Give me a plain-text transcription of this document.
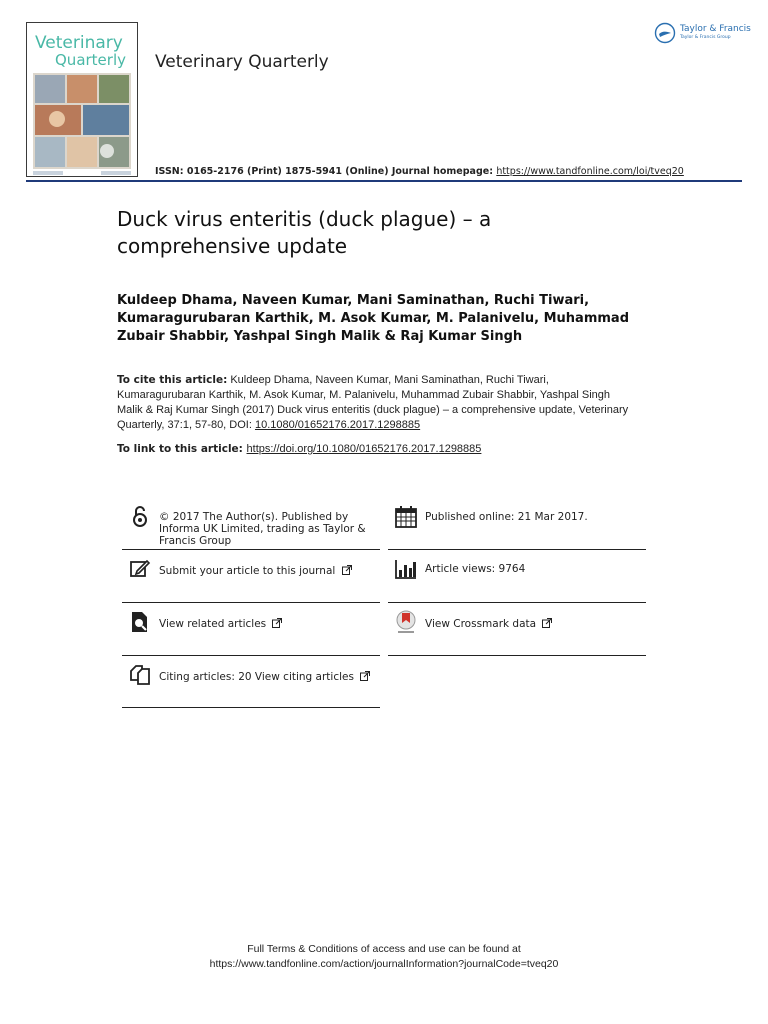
Veterinary
Quarterly Veterinary Quarterly
ISSN: 0165-2176 (Print) 1875-5941 (Online) Journal homepage: https://www.tandfonline.com/loi/tveq20
Taylor & Francis
Taylor & Francis Group
Duck virus enteritis (duck plague) – a comprehensive update
Kuldeep Dhama, Naveen Kumar, Mani Saminathan, Ruchi Tiwari, Kumaragurubaran Karthik, M. Asok Kumar, M. Palanivelu, Muhammad Zubair Shabbir, Yashpal Singh Malik & Raj Kumar Singh
To cite this article: Kuldeep Dhama, Naveen Kumar, Mani Saminathan, Ruchi Tiwari, Kumaragurubaran Karthik, M. Asok Kumar, M. Palanivelu, Muhammad Zubair Shabbir, Yashpal Singh Malik & Raj Kumar Singh (2017) Duck virus enteritis (duck plague) – a comprehensive update, Veterinary Quarterly, 37:1, 57-80, DOI: 10.1080/01652176.2017.1298885
To link to this article: https://doi.org/10.1080/01652176.2017.1298885
© 2017 The Author(s). Published by Informa UK Limited, trading as Taylor & Francis Group
Submit your article to this journal
View related articles
Citing articles: 20 View citing articles
Published online: 21 Mar 2017.
Article views: 9764
View Crossmark data
Full Terms & Conditions of access and use can be found at
https://www.tandfonline.com/action/journalInformation?journalCode=tveq20
